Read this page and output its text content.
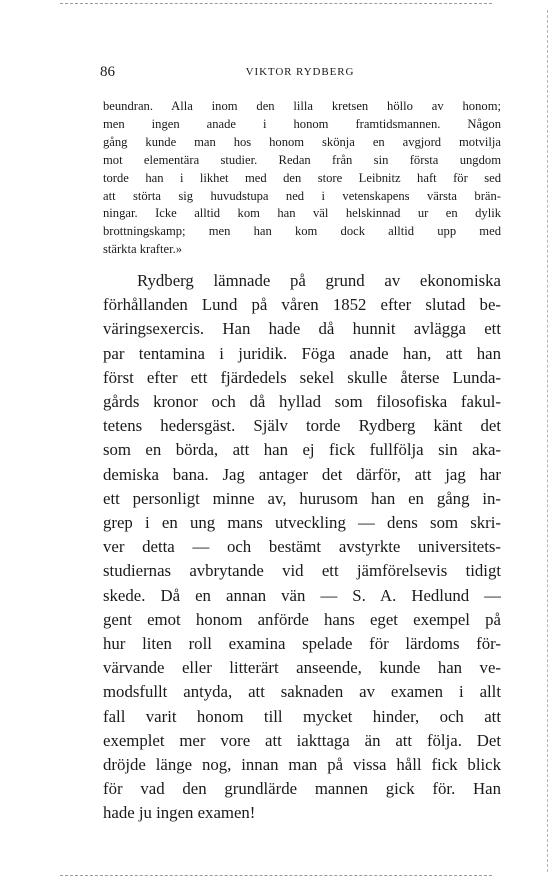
86	VIKTOR RYDBERG
beundran. Alla inom den lilla kretsen höllo av honom;
men ingen anade i honom framtidsmannen. Någon
gång kunde man hos honom skönja en avgjord motvilja
mot elementära studier. Redan från sin första ungdom
torde han i likhet med den store Leibnitz haft för sed
att störta sig huvudstupa ned i vetenskapens värsta brän-
ningar. Icke alltid kom han väl helskinnad ur en dylik
brottningskamp; men han kom dock alltid upp med
stärkta krafter.»
Rydberg lämnade på grund av ekonomiska
förhållanden Lund på våren 1852 efter slutad be-
väringsexercis. Han hade då hunnit avlägga ett
par tentamina i juridik. Föga anade han, att han
först efter ett fjärdedels sekel skulle återse Lunda-
gårds kronor och då hyllad som filosofiska fakul-
tetens hedersgäst. Själv torde Rydberg känt det
som en börda, att han ej fick fullfölja sin aka-
demiska bana. Jag antager det därför, att jag har
ett personligt minne av, hurusom han en gång in-
grep i en ung mans utveckling — dens som skri-
ver detta — och bestämt avstyrkte universitets-
studiernas avbrytande vid ett jämförelsevis tidigt
skede. Då en annan vän — S. A. Hedlund —
gent emot honom anförde hans eget exempel på
hur liten roll examina spelade för lärdoms för-
värvande eller litterärt anseende, kunde han ve-
modsfullt antyda, att saknaden av examen i allt
fall varit honom till mycket hinder, och att
exemplet mer vore att iakttaga än att följa. Det
dröjde länge nog, innan man på vissa håll fick blick
för vad den grundlärde mannen gick för. Han
hade ju ingen examen!
